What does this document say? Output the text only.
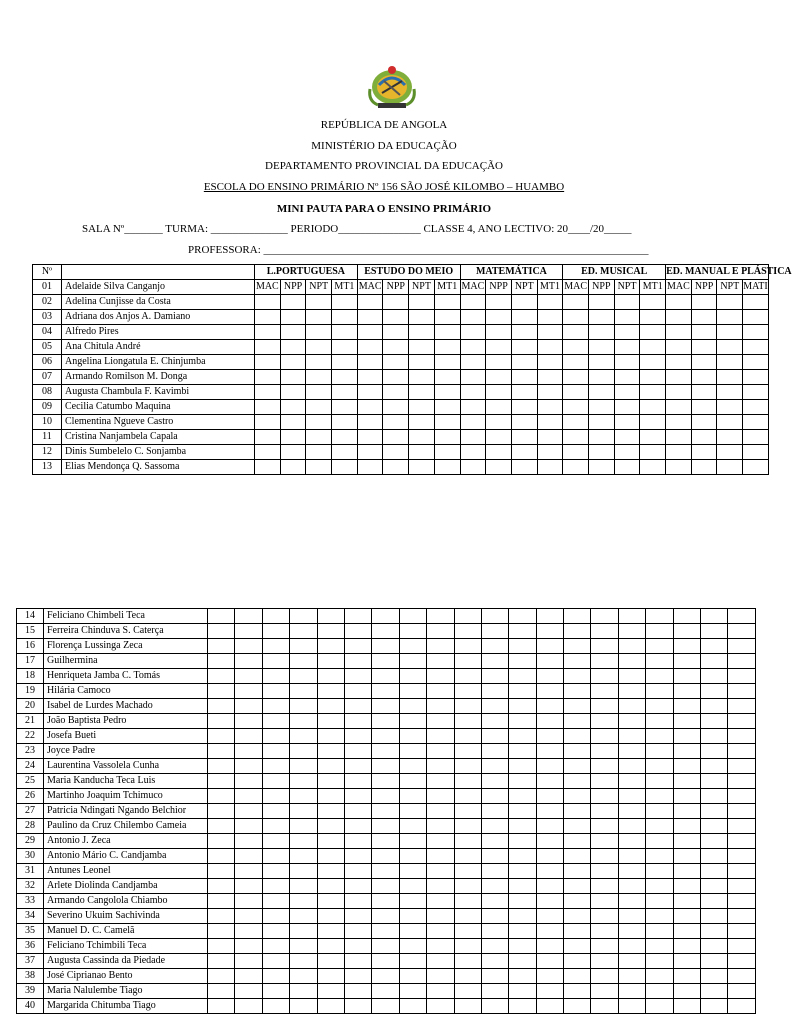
REPÚBLICA DE ANGOLA
MINISTÉRIO DA EDUCAÇÃO
DEPARTAMENTO PROVINCIAL DA EDUCAÇÃO
ESCOLA DO ENSINO PRIMÁRIO Nº 156 SÃO JOSÉ KILOMBO – HUAMBO
MINI PAUTA PARA O ENSINO PRIMÁRIO
SALA Nº_______ TURMA: ______________ PERIODO_______________ CLASSE 4, ANO LECTIVO: 20____/20_____
PROFESSORA: ______________________________________________________________________
Nº		L.PORTUGUESA				ESTUDO DO MEIO				MATEMÁTICA				ED. MUSICAL				ED. MANUAL E PLÁSTICA			
01	Adelaide Silva Canganjo	MAC	NPP	NPT	MT1	MAC	NPP	NPT	MT1	MAC	NPP	NPT	MT1	MAC	NPP	NPT	MT1	MAC	NPP	NPT	MATI
02	Adelina Cunjisse da Costa																				
03	Adriana dos Anjos A. Damiano																				
04	Alfredo Pires																				
05	Ana Chitula André																				
06	Angelina Liongatula E. Chinjumba																				
07	Armando Romilson M. Donga																				
08	Augusta Chambula F. Kavimbi																				
09	Cecilia Catumbo Maquina																				
10	Clementina Ngueve Castro																				
11	Cristina Nanjambela Capala																				
12	Dinis Sumbelelo C. Sonjamba																				
13	Elias Mendonça Q. Sassoma																				
14	Feliciano Chimbeli Teca																				
15	Ferreira Chinduva S. Caterça																				
16	Florença Lussinga Zeca																				
17	Guilhermina																				
18	Henriqueta Jamba C. Tomás																				
19	Hilária Camoco																				
20	Isabel de Lurdes Machado																				
21	João Baptista Pedro																				
22	Josefa Bueti																				
23	Joyce Padre																				
24	Laurentina Vassolela Cunha																				
25	Maria Kanducha Teca Luis																				
26	Martinho Joaquim Tchimuco																				
27	Patricia Ndingati Ngando Belchior																				
28	Paulino da Cruz Chilembo Cameia																				
29	Antonio J. Zeca																				
30	Antonio Mário C. Candjamba																				
31	Antunes Leonel																				
32	Arlete Diolinda Candjamba																				
33	Armando Cangolola Chiambo																				
34	Severino Ukuim Sachivinda																				
35	Manuel D. C. Camelã																				
36	Feliciano Tchimbili Teca																				
37	Augusta Cassinda da Piedade																				
38	José Ciprianao Bento																				
39	Maria Nalulembe Tiago																				
40	Margarida Chitumba Tiago																				
